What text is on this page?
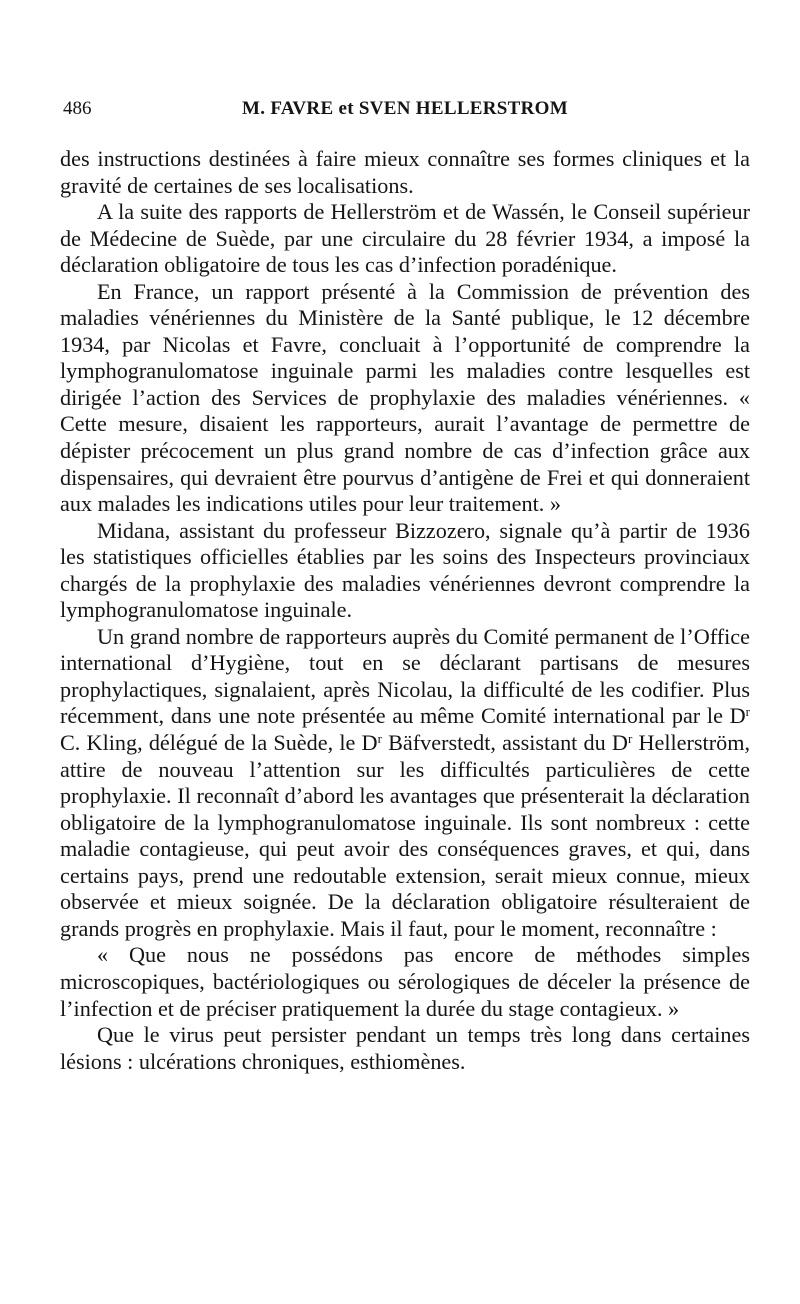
486	M. FAVRE et SVEN HELLERSTROM

des instructions destinées à faire mieux connaître ses formes cliniques et la gravité de certaines de ses localisations.

A la suite des rapports de Hellerström et de Wassén, le Conseil supérieur de Médecine de Suède, par une circulaire du 28 février 1934, a imposé la déclaration obligatoire de tous les cas d’infection poradénique.

En France, un rapport présenté à la Commission de prévention des maladies vénériennes du Ministère de la Santé publique, le 12 décembre 1934, par Nicolas et Favre, concluait à l’opportunité de comprendre la lymphogranulomatose inguinale parmi les maladies contre lesquelles est dirigée l’action des Services de prophylaxie des maladies vénériennes. « Cette mesure, disaient les rapporteurs, aurait l’avantage de permettre de dépister précocement un plus grand nombre de cas d’infection grâce aux dispensaires, qui devraient être pourvus d’antigène de Frei et qui donneraient aux malades les indications utiles pour leur traitement. »

Midana, assistant du professeur Bizzozero, signale qu’à partir de 1936 les statistiques officielles établies par les soins des Inspecteurs provinciaux chargés de la prophylaxie des maladies vénériennes devront comprendre la lymphogranulomatose inguinale.

Un grand nombre de rapporteurs auprès du Comité permanent de l’Office international d’Hygiène, tout en se déclarant partisans de mesures prophylactiques, signalaient, après Nicolau, la difficulté de les codifier. Plus récemment, dans une note présentée au même Comité international par le $D^r$ C. Kling, délégué de la Suède, le $D^r$ Bäfverstedt, assistant du $D^r$ Hellerström, attire de nouveau l’attention sur les difficultés particulières de cette prophylaxie. Il reconnaît d’abord les avantages que présenterait la déclaration obligatoire de la lymphogranulomatose inguinale. Ils sont nombreux : cette maladie contagieuse, qui peut avoir des conséquences graves, et qui, dans certains pays, prend une redoutable extension, serait mieux connue, mieux observée et mieux soignée. De la déclaration obligatoire résulteraient de grands progrès en prophylaxie. Mais il faut, pour le moment, reconnaître :

« Que nous ne possédons pas encore de méthodes simples microscopiques, bactériologiques ou sérologiques de déceler la présence de l’infection et de préciser pratiquement la durée du stage contagieux. »

Que le virus peut persister pendant un temps très long dans certaines lésions : ulcérations chroniques, esthiomènes.
